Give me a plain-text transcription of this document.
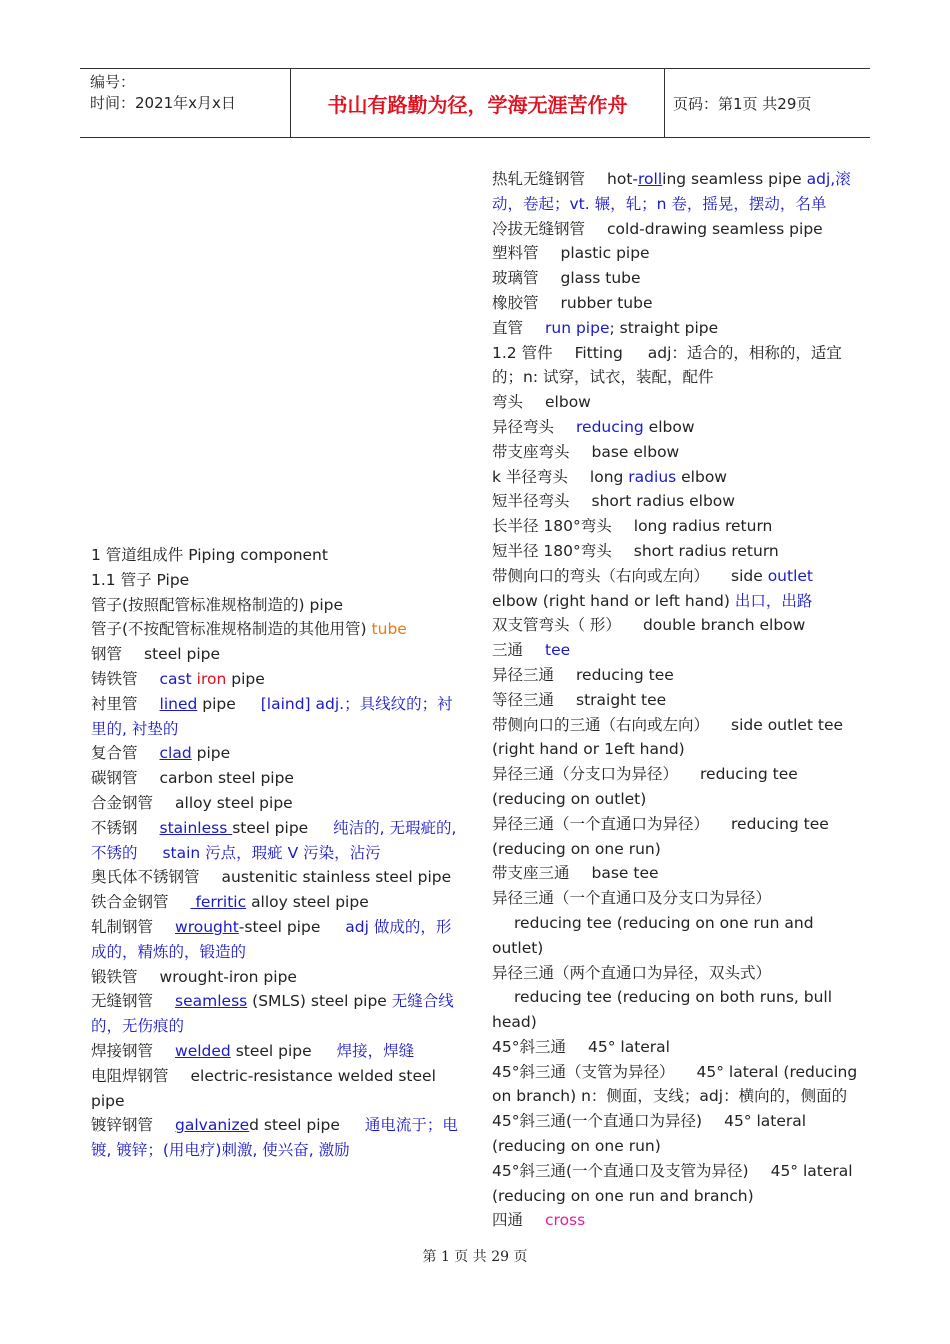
编号：
时间：2021年x月x日	书山有路勤为径，学海无涯苦作舟	页码：第1页 共29页
1 管道组成件 Piping component
1.1 管子 Pipe
管子(按照配管标准规格制造的) pipe
管子(不按配管标准规格制造的其他用管) tube
钢管 steel pipe
铸铁管 cast iron pipe
衬里管 lined pipe [laind] adj.；具线纹的；衬里的, 衬垫的
复合管 clad pipe
碳钢管 carbon steel pipe
合金钢管 alloy steel pipe
不锈钢 stainless steel pipe 纯洁的, 无瑕疵的, 不锈的 stain 污点，瑕疵 V 污染，沾污
奥氏体不锈钢管 austenitic stainless steel pipe
铁合金钢管 ferritic alloy steel pipe
轧制钢管 wrought-steel pipe adj 做成的，形成的，精炼的，锻造的
锻铁管 wrought-iron pipe
无缝钢管 seamless (SMLS) steel pipe 无缝合线的，无伤痕的
焊接钢管 welded steel pipe 焊接，焊缝
电阻焊钢管 electric-resistance welded steel pipe
镀锌钢管 galvanized steel pipe 通电流于；电镀, 镀锌；(用电疗)刺激, 使兴奋, 激励
热轧无缝钢管 hot-rolling seamless pipe adj,滚动，卷起；vt. 辗，轧；n 卷，摇晃，摆动，名单
冷拔无缝钢管 cold-drawing seamless pipe
塑料管 plastic pipe
玻璃管 glass tube
橡胶管 rubber tube
直管 run pipe; straight pipe
1.2 管件 Fitting adj：适合的，相称的，适宜的；n: 试穿，试衣，装配，配件
弯头 elbow
异径弯头 reducing elbow
带支座弯头 base elbow
k 半径弯头 long radius elbow
短半径弯头 short radius elbow
长半径 180°弯头 long radius return
短半径 180°弯头 short radius return
带侧向口的弯头（右向或左向） side outlet elbow (right hand or left hand) 出口，出路
双支管弯头（ 形） double branch elbow
三通 tee
异径三通 reducing tee
等径三通 straight tee
带侧向口的三通（右向或左向） side outlet tee (right hand or 1eft hand)
异径三通（分支口为异径） reducing tee (reducing on outlet)
异径三通（一个直通口为异径） reducing tee (reducing on one run)
带支座三通 base tee
异径三通（一个直通口及分支口为异径）reducing tee (reducing on one run and outlet)
异径三通（两个直通口为异径，双头式）reducing tee (reducing on both runs, bull head)
45°斜三通 45° lateral
45°斜三通（支管为异径） 45° lateral (reducing on branch) n：侧面，支线；adj：横向的，侧面的
45°斜三通(一个直通口为异径) 45° lateral (reducing on one run)
45°斜三通(一个直通口及支管为异径) 45° lateral (reducing on one run and branch)
四通 cross
第 1 页 共 29 页
